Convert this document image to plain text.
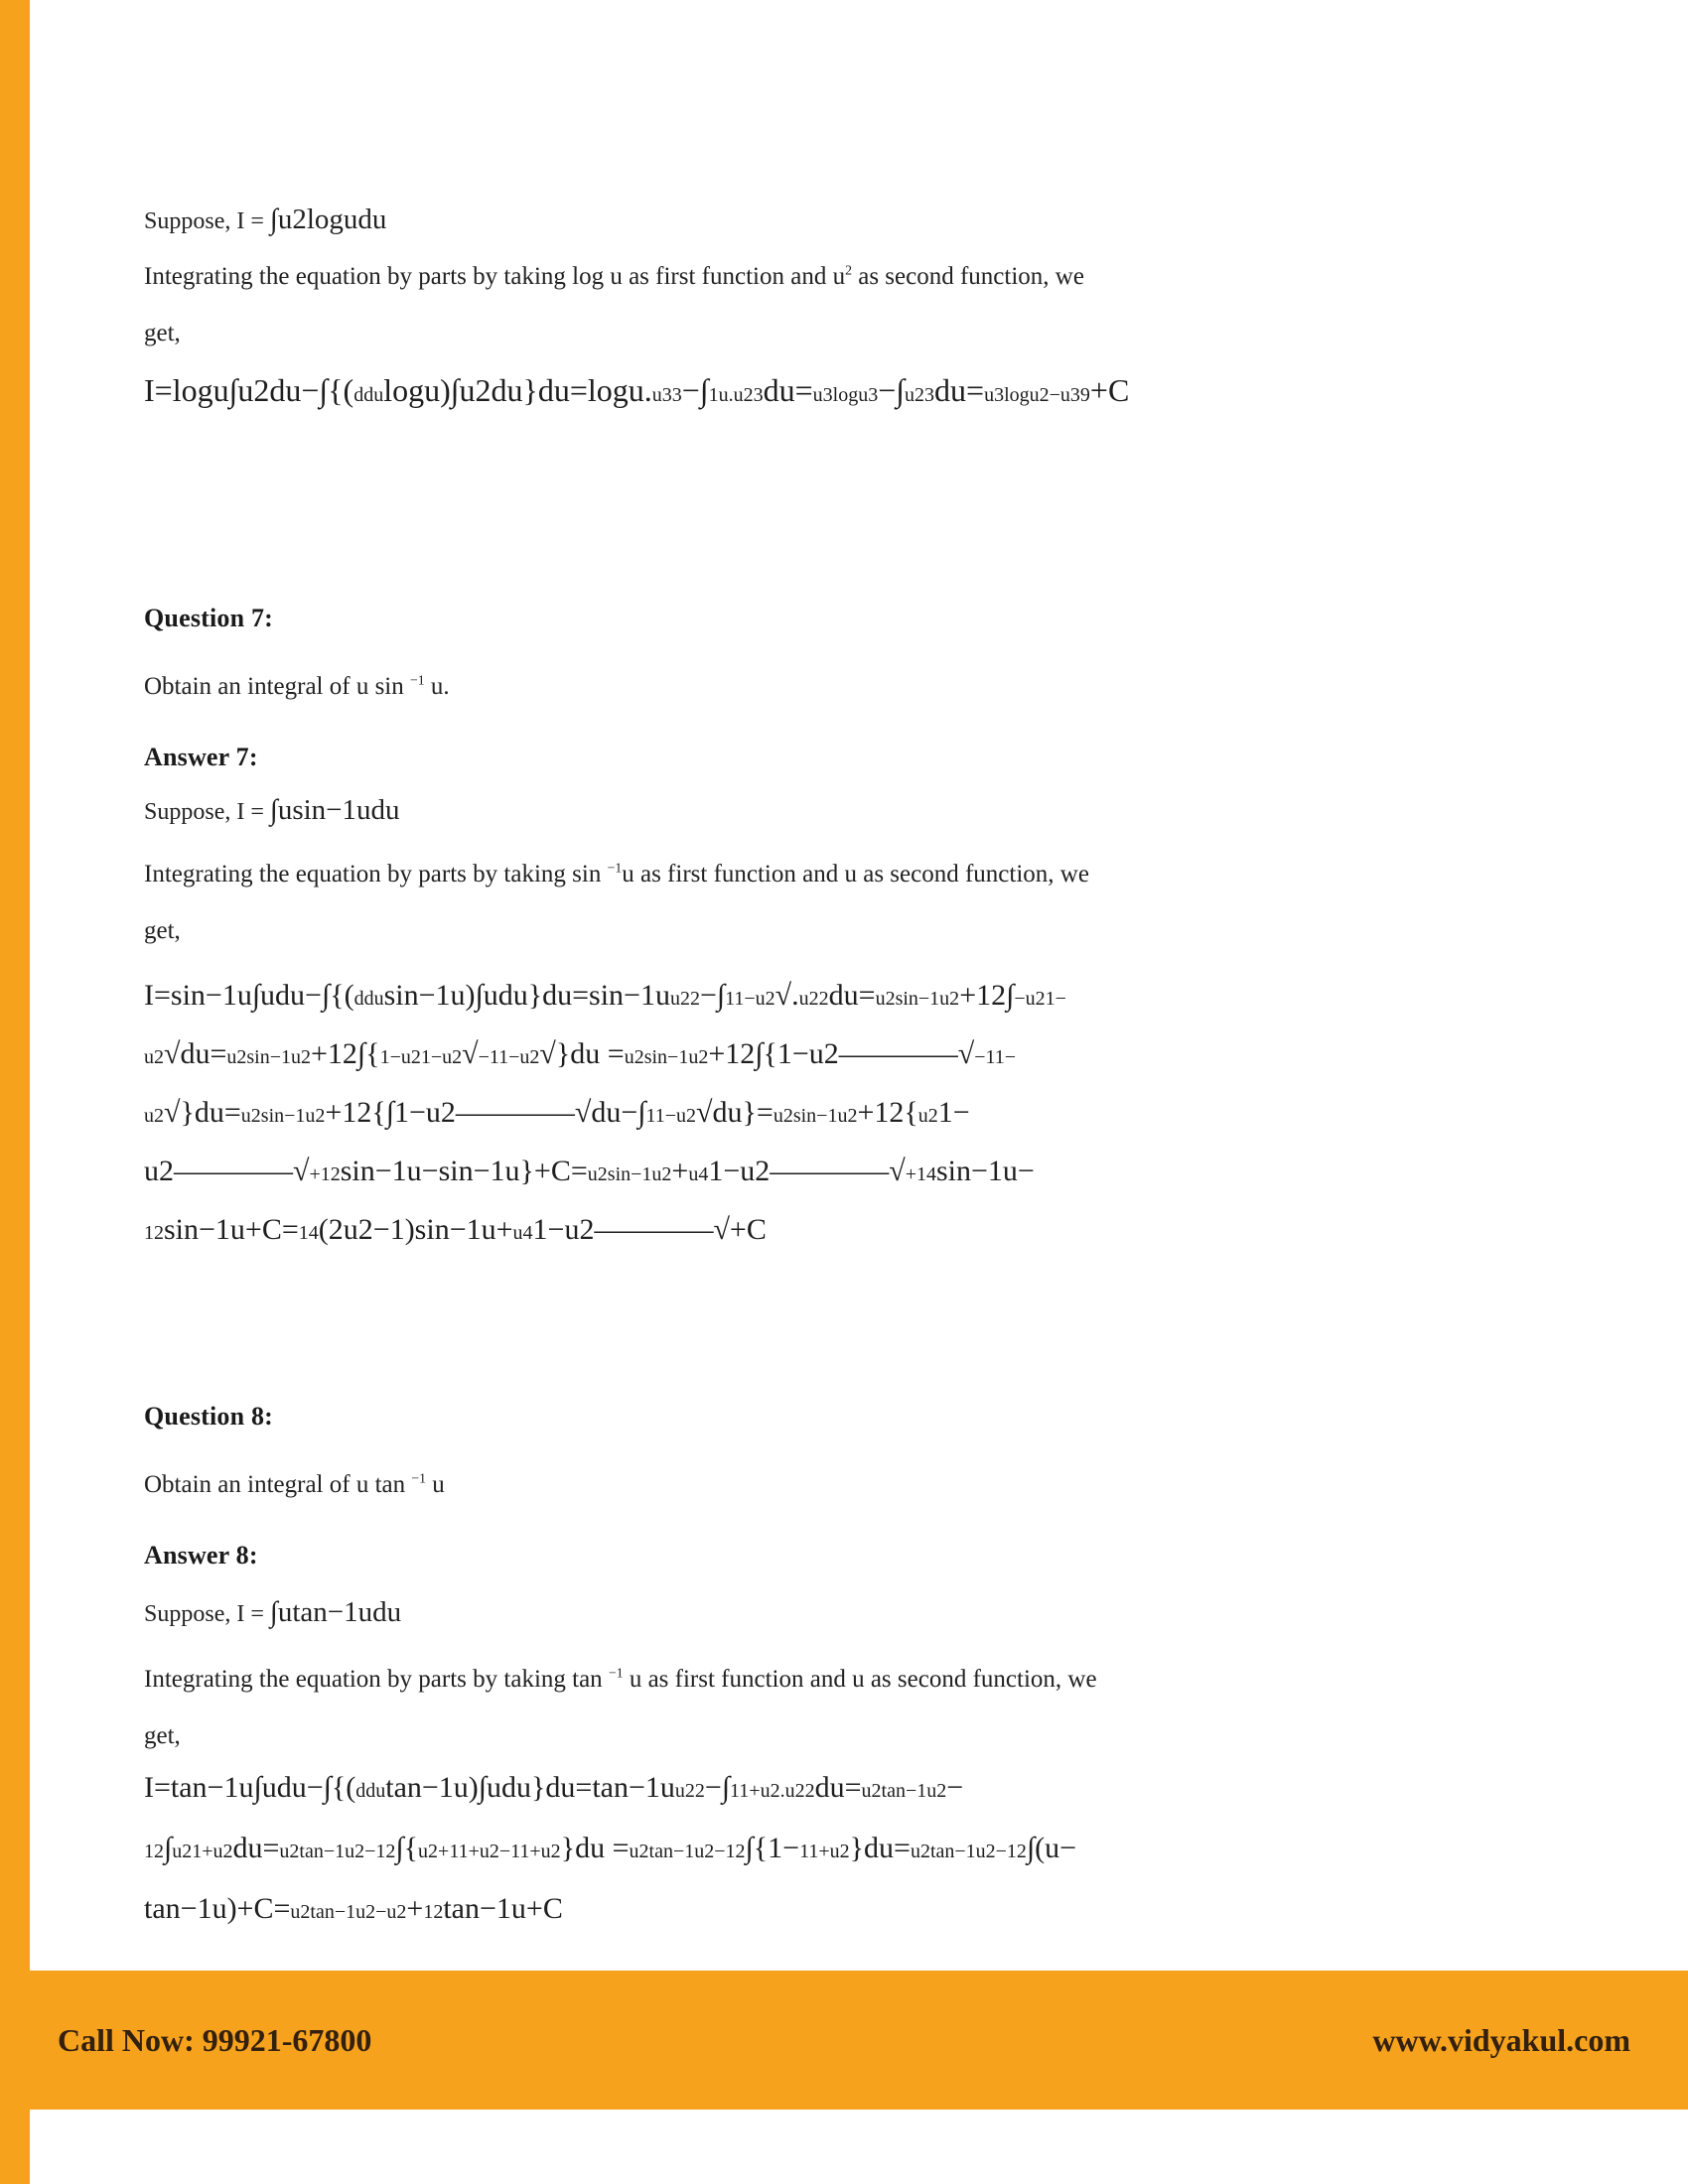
Suppose, I = ∫u2logudu
Integrating the equation by parts by taking log u as first function and $u^2$ as second function, we
get,
I=logu∫u2du−∫{(ddulogu)∫u2du}du=logu.u33−∫1u.u23du=u3logu3−∫u23du=u3logu2−u39+C
Question 7:
Obtain an integral of u sin $^{-1}$ u.
Answer 7:
Suppose, I = ∫usin−1udu
Integrating the equation by parts by taking sin $^{-1}$u as first function and u as second function, we
get,
I=sin−1u∫udu−∫{(ddusin−1u)∫udu}du=sin−1uu22−∫11−u2√.u22du=u2sin−1u2+12∫−u21−
u2√du=u2sin−1u2+12∫{1−u21−u2√−11−u2√}du =u2sin−1u2+12∫{1−u2————√−11−
u2√}du=u2sin−1u2+12{∫1−u2————√du−∫11−u2√du}=u2sin−1u2+12{u21−
u2————√+12sin−1u−sin−1u}+C=u2sin−1u2+u41−u2————√+14sin−1u−
12sin−1u+C=14(2u2−1)sin−1u+u41−u2————√+C
Question 8:
Obtain an integral of u tan $^{-1}$ u
Answer 8:
Suppose, I = ∫utan−1udu
Integrating the equation by parts by taking tan $^{-1}$ u as first function and u as second function, we
get,
I=tan−1u∫udu−∫{(ddutan−1u)∫udu}du=tan−1uu22−∫11+u2.u22du=u2tan−1u2−
12∫u21+u2du=u2tan−1u2−12∫{u2+11+u2−11+u2}du =u2tan−1u2−12∫{1−11+u2}du=u2tan−1u2−12∫(u−
tan−1u)+C=u2tan−1u2−u2+12tan−1u+C
Call Now: 99921-67800	www.vidyakul.com
